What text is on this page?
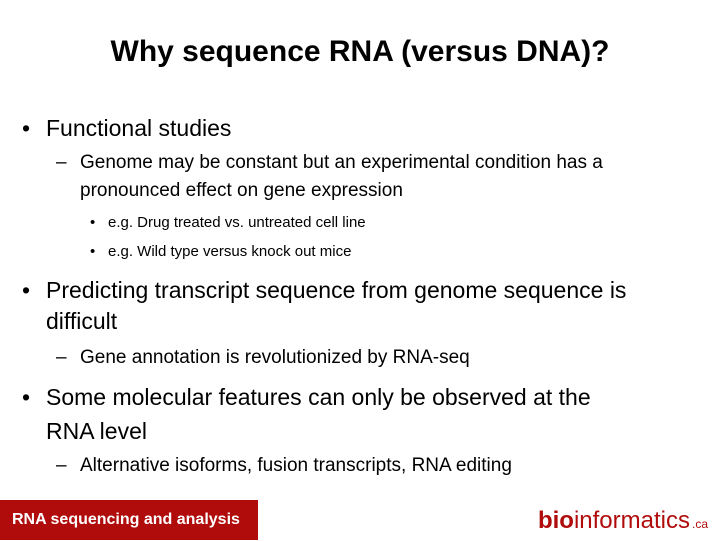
Why sequence RNA (versus DNA)?
• Functional studies
– Genome may be constant but an experimental condition has a
pronounced effect on gene expression
• e.g. Drug treated vs. untreated cell line
• e.g. Wild type versus knock out mice
• Predicting transcript sequence from genome sequence is
difficult
– Gene annotation is revolutionized by RNA-seq
• Some molecular features can only be observed at the
RNA level
– Alternative isoforms, fusion transcripts, RNA editing
RNA sequencing and analysis	bioinformatics .ca
